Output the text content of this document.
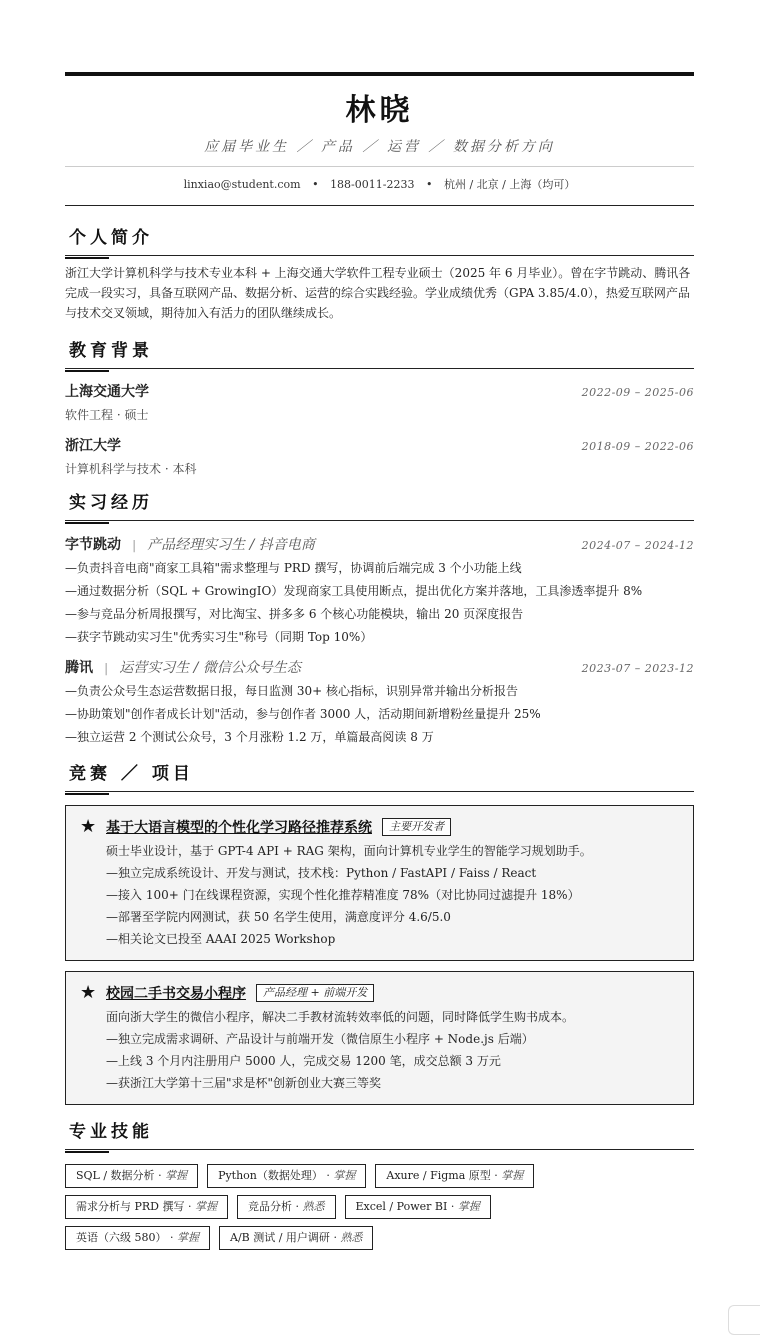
林晓
应届毕业生 ／ 产品 ／ 运营 ／ 数据分析方向
linxiao@student.com • 188-0011-2233 • 杭州 / 北京 / 上海（均可）
个人简介
浙江大学计算机科学与技术专业本科 + 上海交通大学软件工程专业硕士（2025 年 6 月毕业）。曾在字节跳动、腾讯各完成一段实习，具备互联网产品、数据分析、运营的综合实践经验。学业成绩优秀（GPA 3.85/4.0），热爱互联网产品与技术交叉领域，期待加入有活力的团队继续成长。
教育背景
上海交通大学	2022-09 – 2025-06
软件工程 · 硕士
浙江大学	2018-09 – 2022-06
计算机科学与技术 · 本科
实习经历
字节跳动 | 产品经理实习生 / 抖音电商	2024-07 – 2024-12
—负责抖音电商"商家工具箱"需求整理与 PRD 撰写，协调前后端完成 3 个小功能上线
—通过数据分析（SQL + GrowingIO）发现商家工具使用断点，提出优化方案并落地，工具渗透率提升 8%
—参与竞品分析周报撰写，对比淘宝、拼多多 6 个核心功能模块，输出 20 页深度报告
—获字节跳动实习生"优秀实习生"称号（同期 Top 10%）
腾讯 | 运营实习生 / 微信公众号生态	2023-07 – 2023-12
—负责公众号生态运营数据日报，每日监测 30+ 核心指标，识别异常并输出分析报告
—协助策划"创作者成长计划"活动，参与创作者 3000 人，活动期间新增粉丝量提升 25%
—独立运营 2 个测试公众号，3 个月涨粉 1.2 万，单篇最高阅读 8 万
竞赛 ／ 项目
★ 基于大语言模型的个性化学习路径推荐系统	主要开发者
硕士毕业设计，基于 GPT-4 API + RAG 架构，面向计算机专业学生的智能学习规划助手。
—独立完成系统设计、开发与测试，技术栈：Python / FastAPI / Faiss / React
—接入 100+ 门在线课程资源，实现个性化推荐精准度 78%（对比协同过滤提升 18%）
—部署至学院内网测试，获 50 名学生使用，满意度评分 4.6/5.0
—相关论文已投至 AAAI 2025 Workshop
★ 校园二手书交易小程序	产品经理 + 前端开发
面向浙大学生的微信小程序，解决二手教材流转效率低的问题，同时降低学生购书成本。
—独立完成需求调研、产品设计与前端开发（微信原生小程序 + Node.js 后端）
—上线 3 个月内注册用户 5000 人，完成交易 1200 笔，成交总额 3 万元
—获浙江大学第十三届"求是杯"创新创业大赛三等奖
专业技能
SQL / 数据分析 · 掌握	Python（数据处理） · 掌握	Axure / Figma 原型 · 掌握
需求分析与 PRD 撰写 · 掌握	竞品分析 · 熟悉	Excel / Power BI · 掌握
英语（六级 580） · 掌握	A/B 测试 / 用户调研 · 熟悉
